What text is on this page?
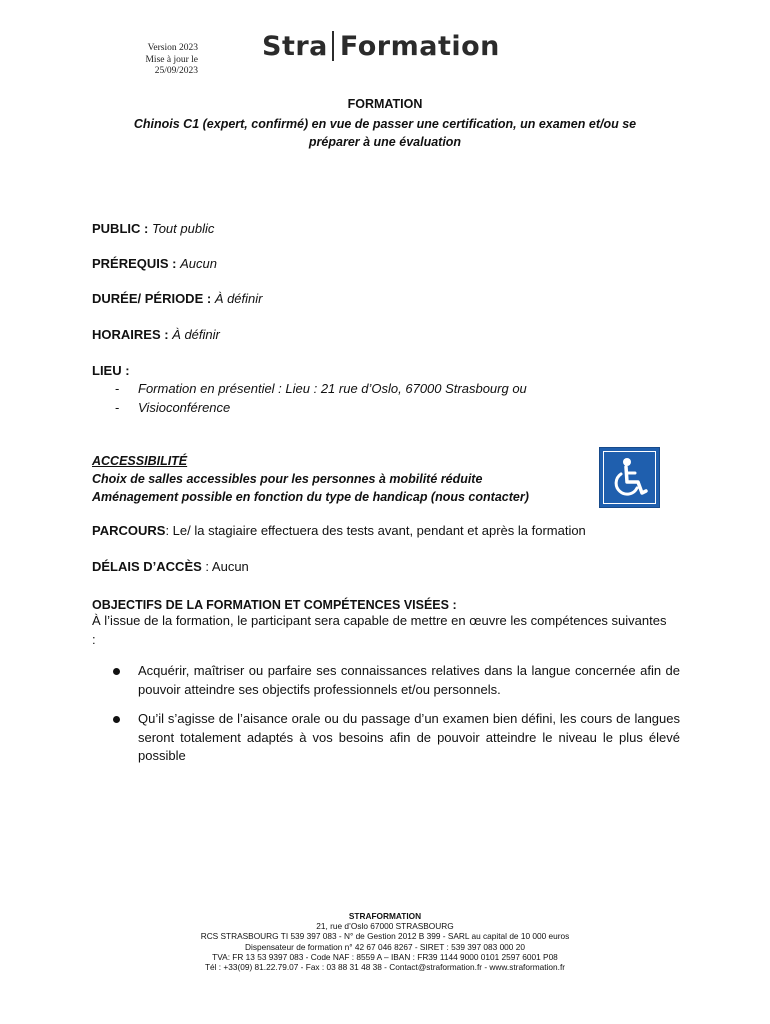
Version 2023
Mise à jour le
25/09/2023
Stra Formation
FORMATION
Chinois C1 (expert, confirmé) en vue de passer une certification, un examen et/ou se
préparer à une évaluation
PUBLIC : Tout public
PRÉREQUIS : Aucun
DURÉE/ PÉRIODE : À définir
HORAIRES : À définir
LIEU :
- Formation en présentiel : Lieu : 21 rue d’Oslo, 67000 Strasbourg ou
- Visioconférence
ACCESSIBILITÉ
Choix de salles accessibles pour les personnes à mobilité réduite
Aménagement possible en fonction du type de handicap (nous contacter)
PARCOURS: Le/ la stagiaire effectuera des tests avant, pendant et après la formation
DÉLAIS D’ACCÈS : Aucun
OBJECTIFS DE LA FORMATION ET COMPÉTENCES VISÉES :
À l’issue de la formation, le participant sera capable de mettre en œuvre les compétences suivantes :
Acquérir, maîtriser ou parfaire ses connaissances relatives dans la langue concernée afin de pouvoir atteindre ses objectifs professionnels et/ou personnels.
Qu’il s’agisse de l’aisance orale ou du passage d’un examen bien défini, les cours de langues seront totalement adaptés à vos besoins afin de pouvoir atteindre le niveau le plus élevé possible
STRAFORMATION
21, rue d’Oslo 67000 STRASBOURG
RCS STRASBOURG TI 539 397 083 - N° de Gestion 2012 B 399 - SARL au capital de 10 000 euros
Dispensateur de formation n° 42 67 046 8267 - SIRET : 539 397 083 000 20
TVA: FR 13 53 9397 083 - Code NAF : 8559 A – IBAN : FR39 1144 9000 0101 2597 6001 P08
Tél : +33(09) 81.22.79.07 - Fax : 03 88 31 48 38 - Contact@straformation.fr - www.straformation.fr
